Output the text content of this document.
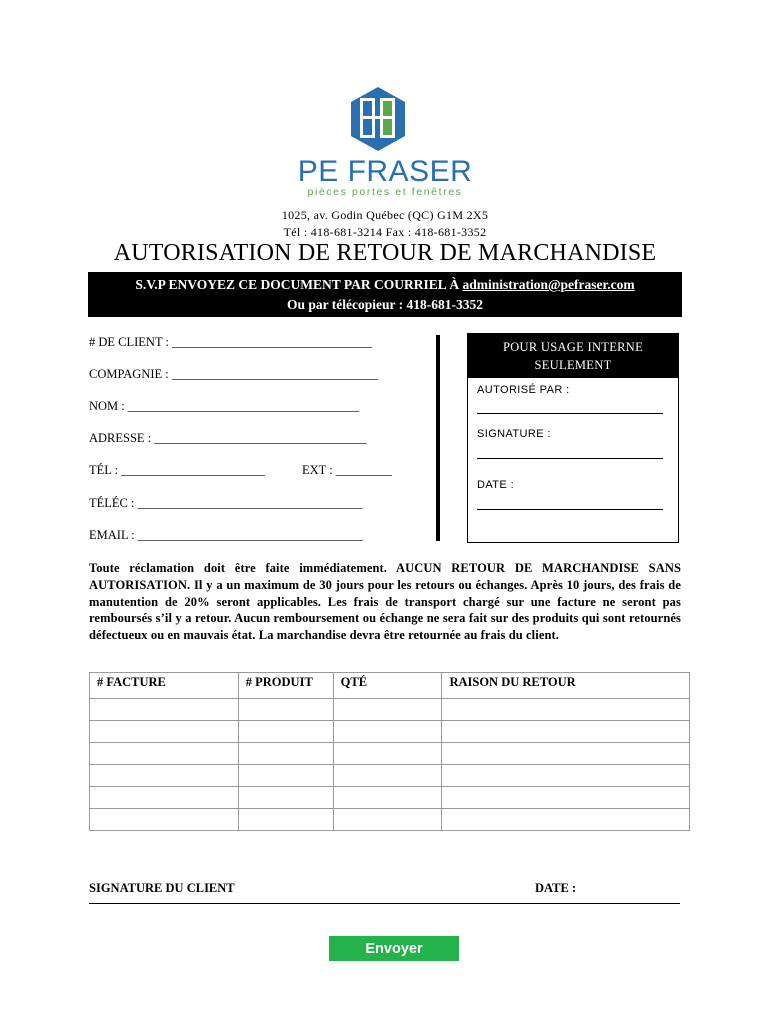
PE FRASER
pièces portes et fenêtres
1025, av. Godin Québec (QC) G1M 2X5
Tél : 418-681-3214 Fax : 418-681-3352
AUTORISATION DE RETOUR DE MARCHANDISE
S.V.P ENVOYEZ CE DOCUMENT PAR COURRIEL À administration@pefraser.com
Ou par télécopieur : 418-681-3352
# DE CLIENT : ________________________________
COMPAGNIE : _________________________________
NOM : _____________________________________
ADRESSE : __________________________________
TÉL : _______________________	EXT : _________
TÉLÉC : ____________________________________
EMAIL : ____________________________________
POUR USAGE INTERNE
SEULEMENT
AUTORISÉ PAR :
SIGNATURE :
DATE :
Toute réclamation doit être faite immédiatement. AUCUN RETOUR DE MARCHANDISE SANS AUTORISATION. Il y a un maximum de 30 jours pour les retours ou échanges. Après 10 jours, des frais de manutention de 20% seront applicables. Les frais de transport chargé sur une facture ne seront pas remboursés s’il y a retour. Aucun remboursement ou échange ne sera fait sur des produits qui sont retournés défectueux ou en mauvais état. La marchandise devra être retournée au frais du client.
# FACTURE	# PRODUIT	QTÉ	RAISON DU RETOUR

SIGNATURE DU CLIENT	DATE :
Envoyer
